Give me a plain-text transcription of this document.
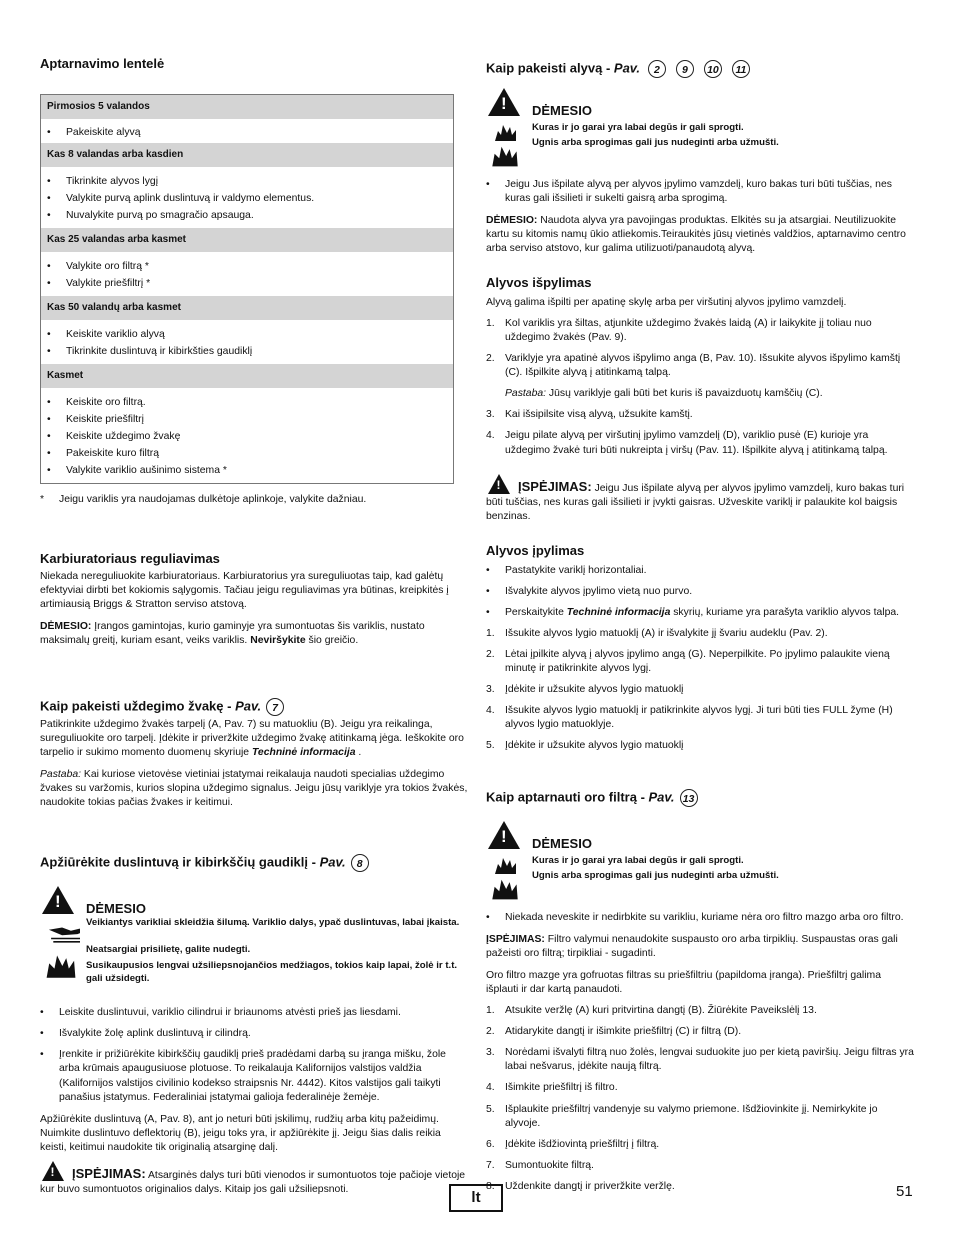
Aptarnavimo lentelė
Pirmosios 5 valandos
• Pakeiskite alyvą
Kas 8 valandas arba kasdien
• Tikrinkite alyvos lygį
• Valykite purvą aplink duslintuvą ir valdymo elementus.
• Nuvalykite purvą po smagračio apsauga.
Kas 25 valandas arba kasmet
• Valykite oro filtrą *
• Valykite priešfiltrį *
Kas 50 valandų arba kasmet
• Keiskite variklio alyvą
• Tikrinkite duslintuvą ir kibirkšties gaudiklį
Kasmet
• Keiskite oro filtrą.
• Keiskite priešfiltrį
• Keiskite uždegimo žvakę
• Pakeiskite kuro filtrą
• Valykite variklio aušinimo sistema *
* Jeigu variklis yra naudojamas dulkėtoje aplinkoje, valykite dažniau.
Karbiuratoriaus reguliavimas

Niekada nereguliuokite karbiuratoriaus. Karbiuratorius yra sureguliuotas taip, kad galėtų efektyviai dirbti bet kokiomis sąlygomis. Tačiau jeigu reguliavimas yra būtinas, kreipkitės į artimiausią Briggs & Stratton serviso atstovą.

DĖMESIO: Įrangos gamintojas, kurio gaminyje yra sumontuotas šis variklis, nustato maksimalų greitį, kuriam esant, veiks variklis. Neviršykite šio greičio.

Kaip pakeisti uždegimo žvakę - Pav. 7

Patikrinkite uždegimo žvakės tarpelį (A, Pav. 7) su matuokliu (B). Jeigu yra reikalinga, sureguliuokite oro tarpelį. Įdėkite ir priveržkite uždegimo žvakę atitinkamą jėga. Ieškokite oro tarpelio ir sukimo momento duomenų skyriuje Techninė informacija .

Pastaba: Kai kuriose vietovėse vietiniai įstatymai reikalauja naudoti specialias uždegimo žvakes su varžomis, kurios slopina uždegimo signalus. Jeigu jūsų variklyje yra tokios žvakės, naudokite tokias pačias žvakes ir keitimui.

Apžiūrėkite duslintuvą ir kibirkščių gaudiklį - Pav. 8
!
DĖMESIO
Veikiantys varikliai skleidžia šilumą. Variklio dalys, ypač duslintuvas, labai įkaista.
Neatsargiai prisilietę, galite nudegti.
Susikaupusios lengvai užsiliepsnojančios medžiagos, tokios kaip lapai, žolė ir t.t. gali užsidegti.
• Leiskite duslintuvui, variklio cilindrui ir briaunoms atvėsti prieš jas liesdami.
• Išvalykite žolę aplink duslintuvą ir cilindrą.
• Įrenkite ir prižiūrėkite kibirkščių gaudiklį prieš pradėdami darbą su įranga mišku, žole arba krūmais apaugusiuose plotuose. To reikalauja Kalifornijos valstijos valdžia (Kalifornijos valstijos civilinio kodekso straipsnis Nr. 4442). Kitos valstijos gali taikyti panašius įstatymus. Federaliniai įstatymai galioja federalinėje žemėje.

Apžiūrėkite duslintuvą (A, Pav. 8), ant jo neturi būti įskilimų, rudžių arba kitų pažeidimų. Nuimkite duslintuvo deflektorių (B), jeigu toks yra, ir apžiūrėkite jį. Jeigu šias dalis reikia keisti, keitimui naudokite tik originalią atsarginę dalį.

!
ĮSPĖJIMAS: Atsarginės dalys turi būti vienodos ir sumontuotos toje pačioje vietoje kur buvo sumontuotos originalios dalys. Kitaip jos gali užsiliepsnoti.
Kaip pakeisti alyvą - Pav. 2 9 10 11
!
DĖMESIO
Kuras ir jo garai yra labai degūs ir gali sprogti.
Ugnis arba sprogimas gali jus nudeginti arba užmušti.
• Jeigu Jus išpilate alyvą per alyvos įpylimo vamzdelį, kuro bakas turi būti tuščias, nes kuras gali išsilieti ir sukelti gaisrą arba sprogimą.

DĖMESIO: Naudota alyva yra pavojingas produktas. Elkitės su ja atsargiai. Neutilizuokite kartu su kitomis namų ūkio atliekomis.Teiraukitės jūsų vietinės valdžios, aptarnavimo centro arba serviso atstovo, kur galima utilizuoti/panaudotą alyvą.

Alyvos išpylimas

Alyvą galima išpilti per apatinę skylę arba per viršutinį alyvos įpylimo vamzdelį.

1. Kol variklis yra šiltas, atjunkite uždegimo žvakės laidą (A) ir laikykite jį toliau nuo uždegimo žvakės (Pav. 9).
2. Variklyje yra apatinė alyvos išpylimo anga (B, Pav. 10). Išsukite alyvos išpylimo kamštį (C). Išpilkite alyvą į atitinkamą talpą.

Pastaba: Jūsų variklyje gali būti bet kuris iš pavaizduotų kamščių (C).

3. Kai išsipilsite visą alyvą, užsukite kamštį.
4. Jeigu pilate alyvą per viršutinį įpylimo vamzdelį (D), variklio pusė (E) kurioje yra uždegimo žvakė turi būti nukreipta į viršų (Pav. 11). Išpilkite alyvą į atitinkamą talpą.
!
ĮSPĖJIMAS: Jeigu Jus išpilate alyvą per alyvos įpylimo vamzdelį, kuro bakas turi būti tuščias, nes kuras gali išsilieti ir įvykti gaisras. Užveskite variklį ir palaukite kol baigsis benzinas.
Alyvos įpylimas
• Pastatykite variklį horizontaliai.
• Išvalykite alyvos įpylimo vietą nuo purvo.
• Perskaitykite Techninė informacija skyrių, kuriame yra parašyta variklio alyvos talpa.
1. Išsukite alyvos lygio matuoklį (A) ir išvalykite jį švariu audeklu (Pav. 2).
2. Lėtai įpilkite alyvą į alyvos įpylimo angą (G). Neperpilkite. Po įpylimo palaukite vieną minutę ir patikrinkite alyvos lygį.
3. Įdėkite ir užsukite alyvos lygio matuoklį
4. Išsukite alyvos lygio matuoklį ir patikrinkite alyvos lygį. Ji turi būti ties FULL žyme (H) alyvos lygio matuoklyje.
5. Įdėkite ir užsukite alyvos lygio matuoklį
Kaip aptarnauti oro filtrą - Pav. 13
!
DĖMESIO
Kuras ir jo garai yra labai degūs ir gali sprogti.
Ugnis arba sprogimas gali jus nudeginti arba užmušti.
• Niekada neveskite ir nedirbkite su varikliu, kuriame nėra oro filtro mazgo arba oro filtro.

ĮSPĖJIMAS: Filtro valymui nenaudokite suspausto oro arba tirpiklių. Suspaustas oras gali pažeisti oro filtrą; tirpikliai - sugadinti.

Oro filtro mazge yra gofruotas filtras su priešfiltriu (papildoma įranga). Priešfiltrį galima išplauti ir dar kartą panaudoti.

1. Atsukite veržlę (A) kuri pritvirtina dangtį (B). Žiūrėkite Paveikslėlį 13.
2. Atidarykite dangtį ir išimkite priešfiltrį (C) ir filtrą (D).
3. Norėdami išvalyti filtrą nuo žolės, lengvai suduokite juo per kietą paviršių. Jeigu filtras yra labai nešvarus, įdėkite naują filtrą.
4. Išimkite priešfiltrį iš filtro.
5. Išplaukite priešfiltrį vandenyje su valymo priemone. Išdžiovinkite jį. Nemirkykite jo alyvoje.
6. Įdėkite išdžiovintą priešfiltrį į filtrą.
7. Sumontuokite filtrą.
8. Uždenkite dangtį ir priveržkite veržlę.
lt	51
